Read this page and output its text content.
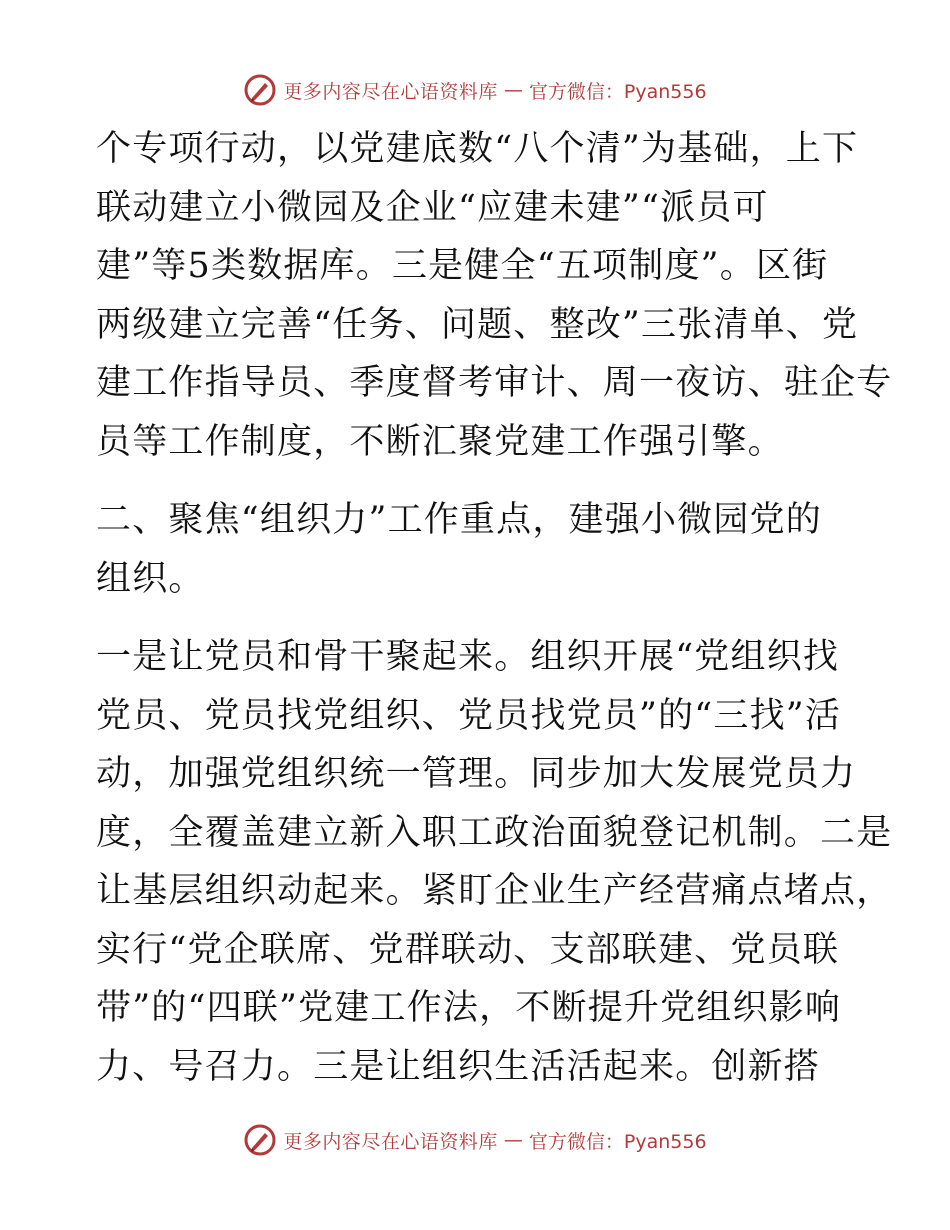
更多内容尽在心语资料库 — 官方微信：Pyan556

个专项行动，以党建底数“八个清”为基础，上下
联动建立小微园及企业“应建未建”“派员可
建”等5类数据库。三是健全“五项制度”。区街
两级建立完善“任务、问题、整改”三张清单、党
建工作指导员、季度督考审计、周一夜访、驻企专
员等工作制度，不断汇聚党建工作强引擎。

二、聚焦“组织力”工作重点，建强小微园党的
组织。

一是让党员和骨干聚起来。组织开展“党组织找
党员、党员找党组织、党员找党员”的“三找”活
动，加强党组织统一管理。同步加大发展党员力
度，全覆盖建立新入职工政治面貌登记机制。二是
让基层组织动起来。紧盯企业生产经营痛点堵点，
实行“党企联席、党群联动、支部联建、党员联
带”的“四联”党建工作法，不断提升党组织影响
力、号召力。三是让组织生活活起来。创新搭

更多内容尽在心语资料库 — 官方微信：Pyan556
